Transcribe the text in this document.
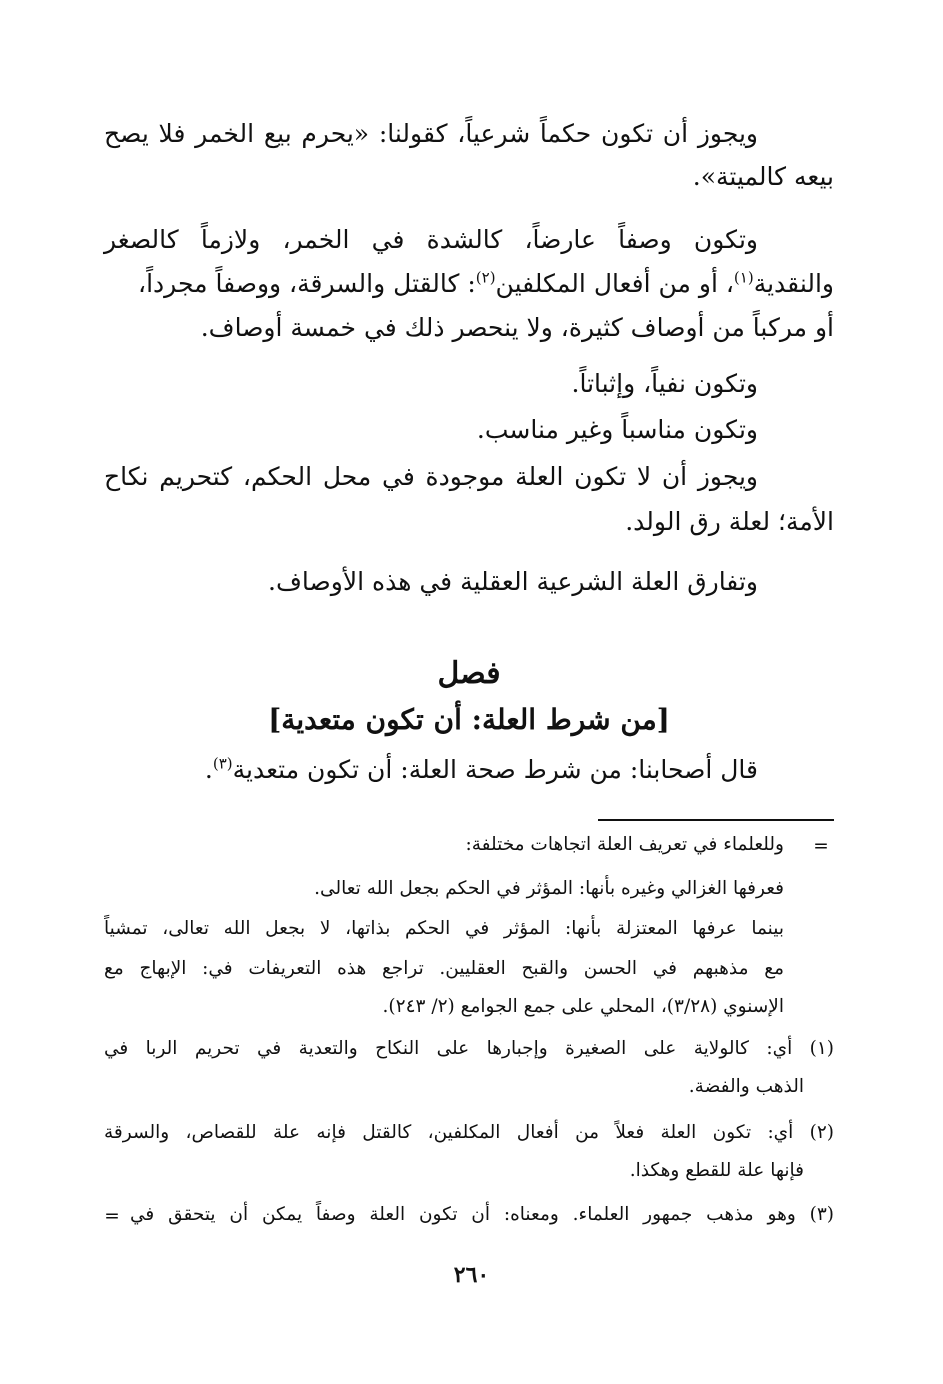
ويجوز أن تكون حكماً شرعياً، كقولنا: «يحرم بيع الخمر فلا يصح
بيعه كالميتة».
وتكون وصفاً عارضاً، كالشدة في الخمر، ولازماً كالصغر
والنقدية$^{(١)}$، أو من أفعال المكلفين$^{(٢)}$: كالقتل والسرقة، ووصفاً مجرداً،
أو مركباً من أوصاف كثيرة، ولا ينحصر ذلك في خمسة أوصاف.
وتكون نفياً، وإثباتاً.
وتكون مناسباً وغير مناسب.
ويجوز أن لا تكون العلة موجودة في محل الحكم، كتحريم نكاح
الأمة؛ لعلة رق الولد.
وتفارق العلة الشرعية العقلية في هذه الأوصاف.
فصل
[من شرط العلة: أن تكون متعدية]
قال أصحابنا: من شرط صحة العلة: أن تكون متعدية$^{(٣)}$.
=
وللعلماء في تعريف العلة اتجاهات مختلفة:
فعرفها الغزالي وغيره بأنها: المؤثر في الحكم بجعل الله تعالى.
بينما عرفها المعتزلة بأنها: المؤثر في الحكم بذاتها، لا بجعل الله تعالى، تمشياً
مع مذهبهم في الحسن والقبح العقليين. تراجع هذه التعريفات في: الإبهاج مع
الإسنوي (٣/٢٨)، المحلي على جمع الجوامع (٢/ ٢٤٣).
(١) أي: كالولاية على الصغيرة وإجبارها على النكاح والتعدية في تحريم الربا في
الذهب والفضة.
(٢) أي: تكون العلة فعلاً من أفعال المكلفين، كالقتل فإنه علة للقصاص، والسرقة
فإنها علة للقطع وهكذا.
(٣) وهو مذهب جمهور العلماء. ومعناه: أن تكون العلة وصفاً يمكن أن يتحقق في
=
٢٦٠
